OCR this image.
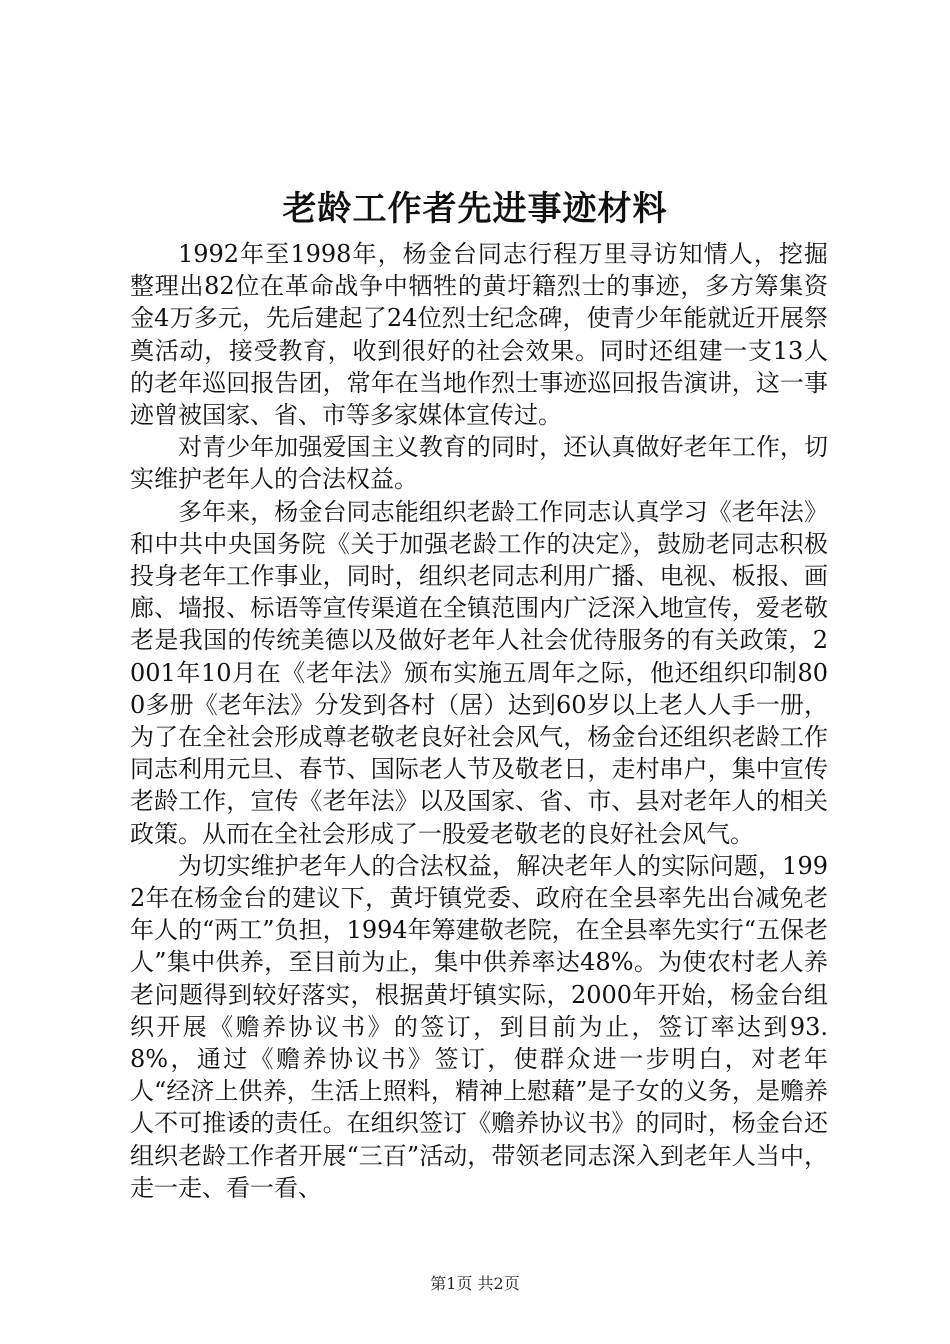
老龄工作者先进事迹材料

1992年至1998年，杨金台同志行程万里寻访知情人，挖掘整理出82位在革命战争中牺牲的黄圩籍烈士的事迹，多方筹集资金4万多元，先后建起了24位烈士纪念碑，使青少年能就近开展祭奠活动，接受教育，收到很好的社会效果。同时还组建一支13人的老年巡回报告团，常年在当地作烈士事迹巡回报告演讲，这一事迹曾被国家、省、市等多家媒体宣传过。

对青少年加强爱国主义教育的同时，还认真做好老年工作，切实维护老年人的合法权益。

多年来，杨金台同志能组织老龄工作同志认真学习《老年法》和中共中央国务院《关于加强老龄工作的决定》，鼓励老同志积极投身老年工作事业，同时，组织老同志利用广播、电视、板报、画廊、墙报、标语等宣传渠道在全镇范围内广泛深入地宣传，爱老敬老是我国的传统美德以及做好老年人社会优待服务的有关政策，2001年10月在《老年法》颁布实施五周年之际，他还组织印制800多册《老年法》分发到各村（居）达到60岁以上老人人手一册，为了在全社会形成尊老敬老良好社会风气，杨金台还组织老龄工作同志利用元旦、春节、国际老人节及敬老日，走村串户，集中宣传老龄工作，宣传《老年法》以及国家、省、市、县对老年人的相关政策。从而在全社会形成了一股爱老敬老的良好社会风气。

为切实维护老年人的合法权益，解决老年人的实际问题，1992年在杨金台的建议下，黄圩镇党委、政府在全县率先出台减免老年人的“两工”负担，1994年筹建敬老院，在全县率先实行“五保老人”集中供养，至目前为止，集中供养率达48%。为使农村老人养老问题得到较好落实，根据黄圩镇实际，2000年开始，杨金台组织开展《赡养协议书》的签订，到目前为止，签订率达到93.8%，通过《赡养协议书》签订，使群众进一步明白，对老年人“经济上供养，生活上照料，精神上慰藉”是子女的义务，是赡养人不可推诿的责任。在组织签订《赡养协议书》的同时，杨金台还组织老龄工作者开展“三百”活动，带领老同志深入到老年人当中，走一走、看一看、

第1页 共2页
